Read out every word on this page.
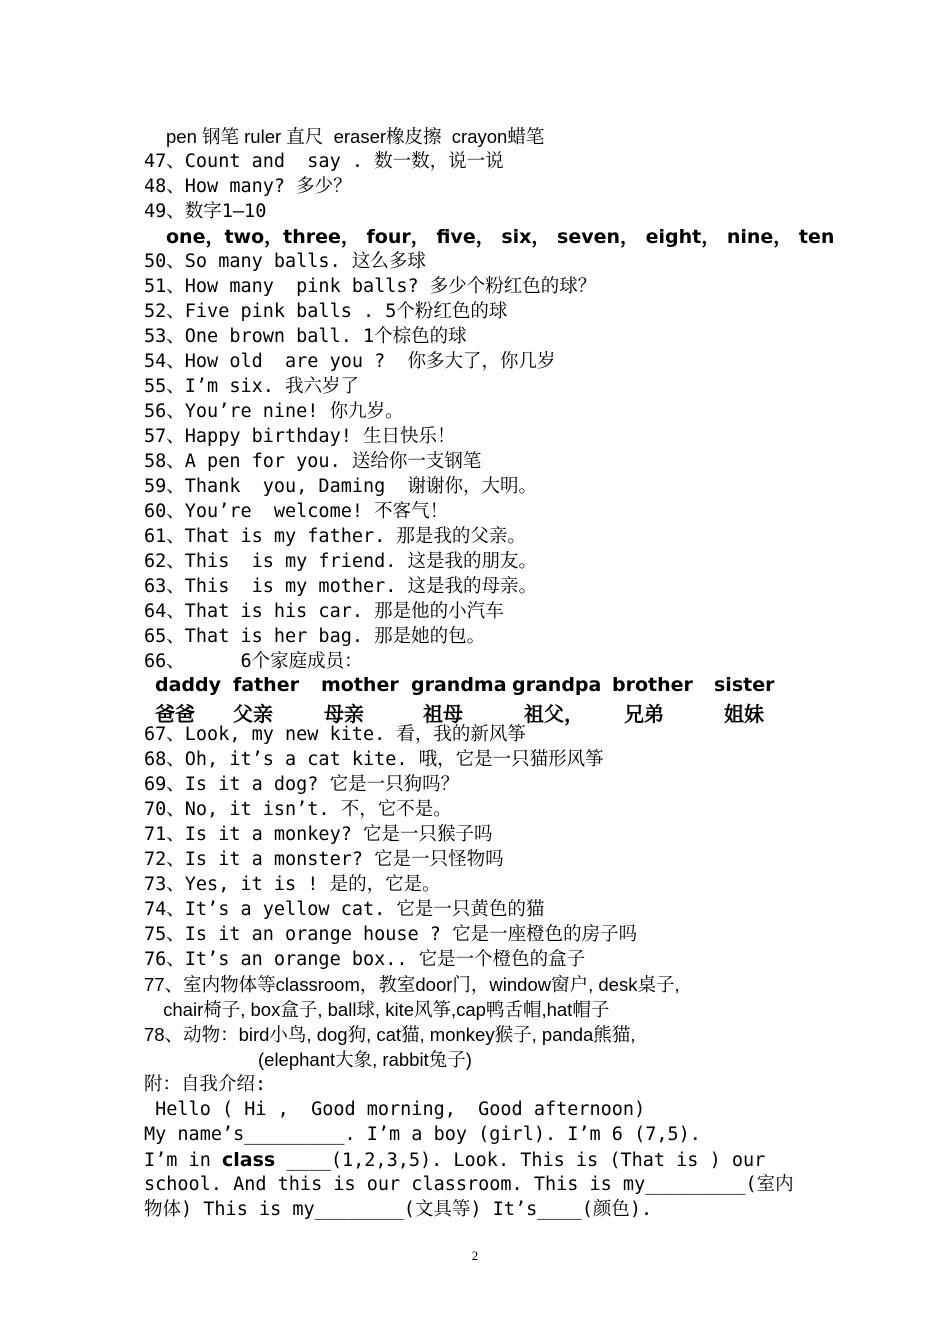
pen 钢笔 ruler 直尺  eraser橡皮擦  crayon蜡笔
47、Count and  say . 数一数，说一说
48、How many? 多少？
49、数字1—10
one，two，three， four， five， six， seven， eight， nine， ten
50、So many balls. 这么多球
51、How many  pink balls? 多少个粉红色的球？
52、Five pink balls . 5个粉红色的球
53、One brown ball. 1个棕色的球
54、How old  are you ?  你多大了，你几岁
55、I’m six. 我六岁了
56、You’re nine! 你九岁。
57、Happy birthday! 生日快乐！
58、A pen for you. 送给你一支钢笔
59、Thank  you, Daming  谢谢你，大明。
60、You’re  welcome! 不客气！
61、That is my father. 那是我的父亲。
62、This  is my friend. 这是我的朋友。
63、This  is my mother. 这是我的母亲。
64、That is his car. 那是他的小汽车
65、That is her bag. 那是她的包。
66、     6个家庭成员：
daddy father mother grandma grandpa brother sister
爸爸 父亲	母亲	祖母	祖父， 兄弟	姐妹
67、Look, my new kite. 看，我的新风筝
68、Oh, it’s a cat kite. 哦，它是一只猫形风筝
69、Is it a dog? 它是一只狗吗？
70、No, it isn’t. 不，它不是。
71、Is it a monkey? 它是一只猴子吗
72、Is it a monster? 它是一只怪物吗
73、Yes, it is ! 是的，它是。
74、It’s a yellow cat. 它是一只黄色的猫
75、Is it an orange house ? 它是一座橙色的房子吗
76、It’s an orange box.. 它是一个橙色的盒子
77、室内物体等classroom，教室door门，window窗户, desk桌子,
chair椅子, box盒子, ball球, kite风筝,cap鸭舌帽,hat帽子
78、动物：bird小鸟, dog狗, cat猫, monkey猴子, panda熊猫,
(elephant大象, rabbit兔子)
附：自我介绍:
Hello ( Hi ,  Good morning,  Good afternoon)
My name’s_________. I’m a boy (girl). I’m 6 (7,5).
I’m in class ____(1,2,3,5). Look. This is (That is ) our
school. And this is our classroom. This is my_________(室内
物体) This is my________(文具等) It’s____(颜色).
2
